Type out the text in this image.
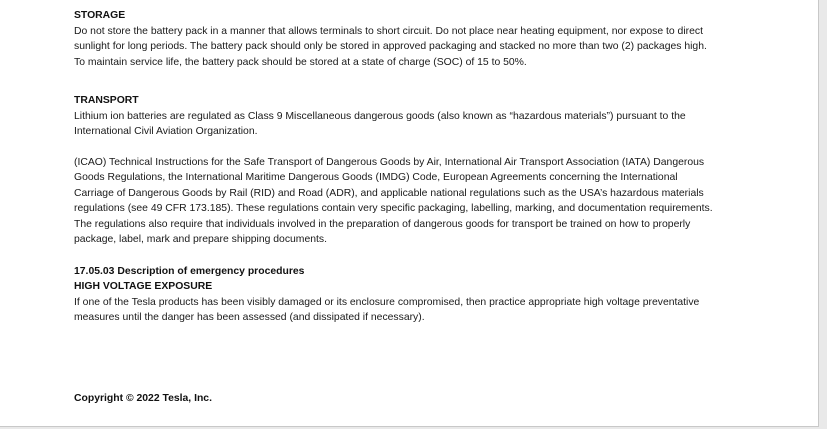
STORAGE

Do not store the battery pack in a manner that allows terminals to short circuit. Do not place near heating equipment, nor expose to direct
sunlight for long periods. The battery pack should only be stored in approved packaging and stacked no more than two (2) packages high.
To maintain service life, the battery pack should be stored at a state of charge (SOC) of 15 to 50%.

TRANSPORT

Lithium ion batteries are regulated as Class 9 Miscellaneous dangerous goods (also known as “hazardous materials”) pursuant to the
International Civil Aviation Organization.

(ICAO) Technical Instructions for the Safe Transport of Dangerous Goods by Air, International Air Transport Association (IATA) Dangerous
Goods Regulations, the International Maritime Dangerous Goods (IMDG) Code, European Agreements concerning the International
Carriage of Dangerous Goods by Rail (RID) and Road (ADR), and applicable national regulations such as the USA’s hazardous materials
regulations (see 49 CFR 173.185). These regulations contain very specific packaging, labelling, marking, and documentation requirements.
The regulations also require that individuals involved in the preparation of dangerous goods for transport be trained on how to properly
package, label, mark and prepare shipping documents.

17.05.03 Description of emergency procedures

HIGH VOLTAGE EXPOSURE

If one of the Tesla products has been visibly damaged or its enclosure compromised, then practice appropriate high voltage preventative
measures until the danger has been assessed (and dissipated if necessary).

Copyright © 2022 Tesla, Inc.
